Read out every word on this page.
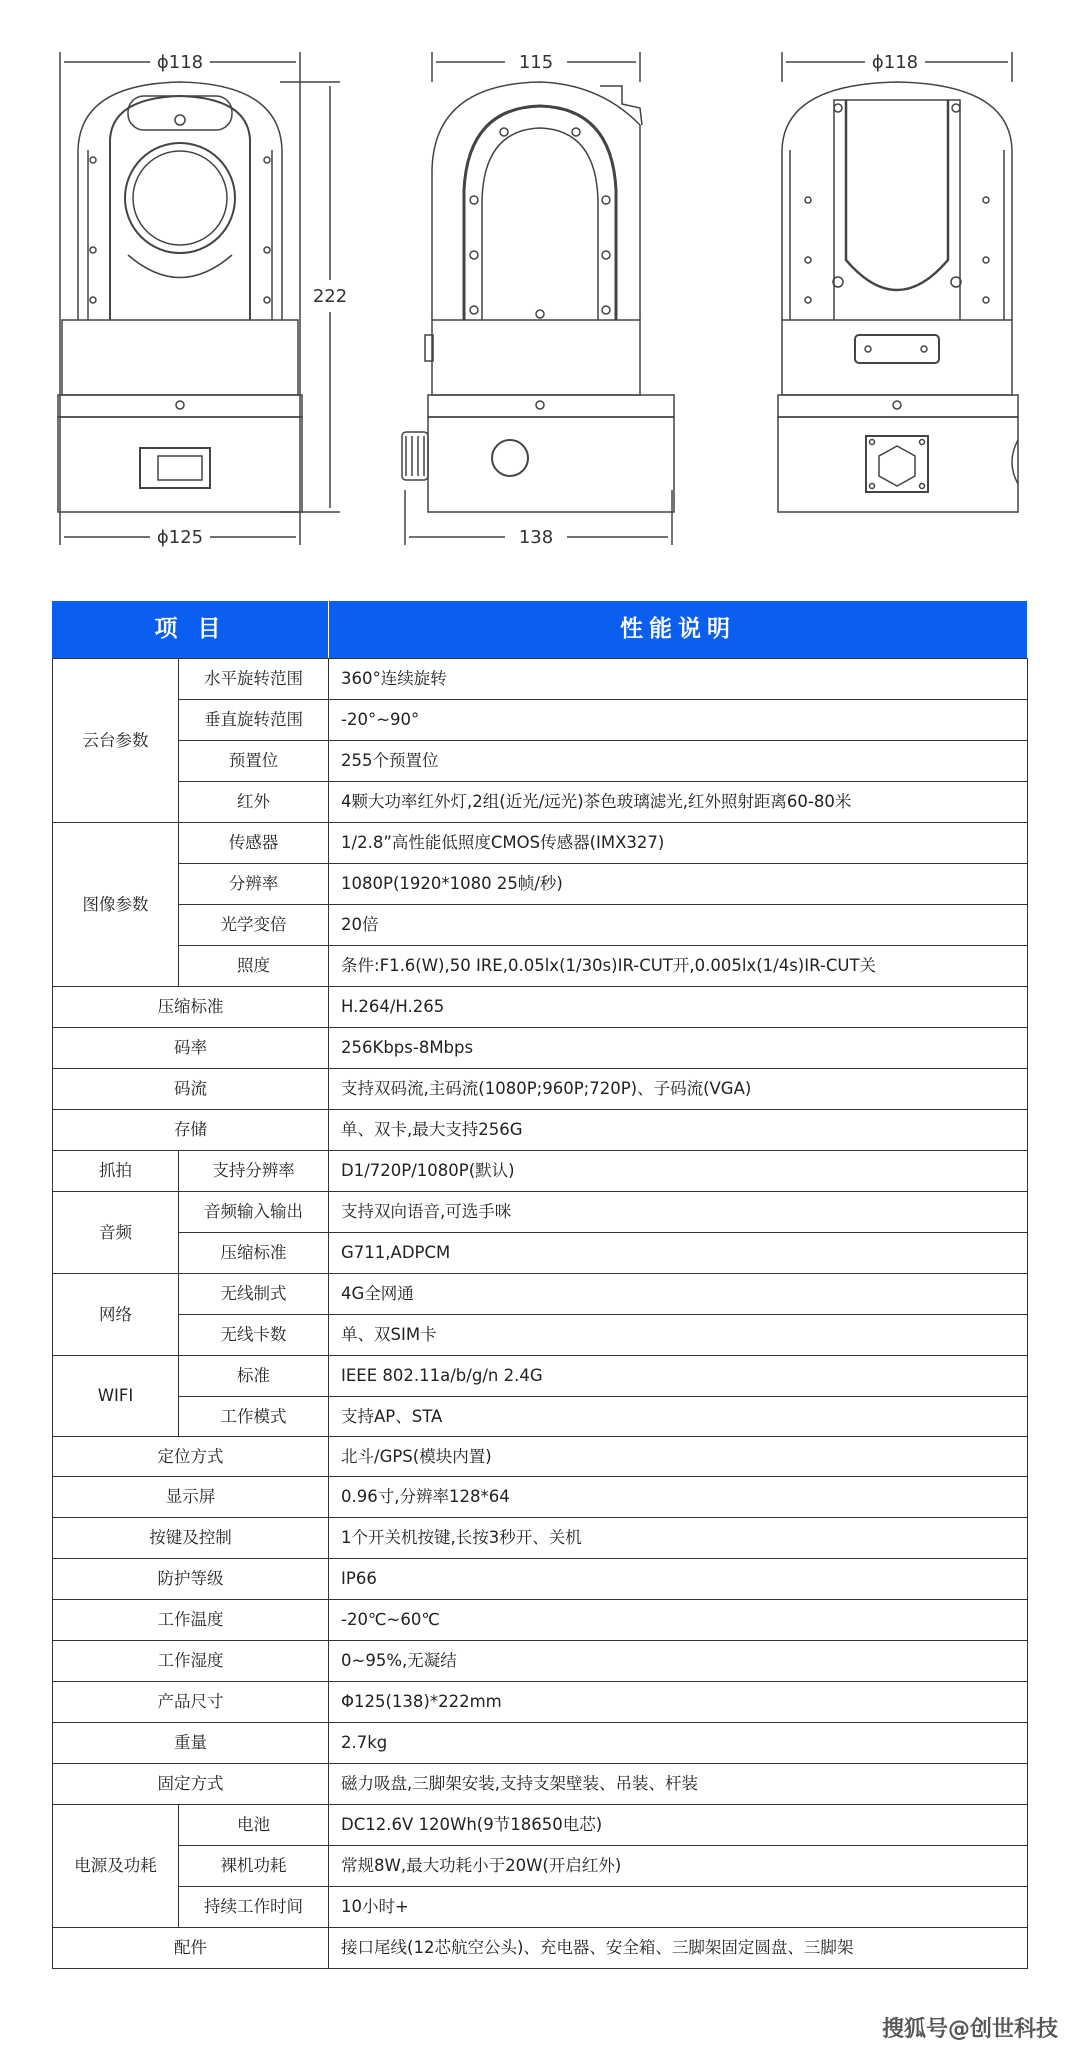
ϕ118
222
ϕ125
115
138
ϕ118
项 目		性能说明
云台参数	水平旋转范围	360°连续旋转
	垂直旋转范围	-20°~90°
	预置位	255个预置位
	红外	4颗大功率红外灯,2组(近光/远光)茶色玻璃滤光,红外照射距离60-80米
图像参数	传感器	1/2.8”高性能低照度CMOS传感器(IMX327)
	分辨率	1080P(1920*1080 25帧/秒)
	光学变倍	20倍
	照度	条件:F1.6(W),50 IRE,0.05lx(1/30s)IR-CUT开,0.005lx(1/4s)IR-CUT关
压缩标准		H.264/H.265
码率		256Kbps-8Mbps
码流		支持双码流,主码流(1080P;960P;720P)、子码流(VGA)
存储		单、双卡,最大支持256G
抓拍	支持分辨率	D1/720P/1080P(默认)
音频	音频输入输出	支持双向语音,可选手咪
	压缩标准	G711,ADPCM
网络	无线制式	4G全网通
	无线卡数	单、双SIM卡
WIFI	标准	IEEE 802.11a/b/g/n 2.4G
	工作模式	支持AP、STA
定位方式		北斗/GPS(模块内置)
显示屏		0.96寸,分辨率128*64
按键及控制		1个开关机按键,长按3秒开、关机
防护等级		IP66
工作温度		-20℃~60℃
工作湿度		0~95%,无凝结
产品尺寸		Φ125(138)*222mm
重量		2.7kg
固定方式		磁力吸盘,三脚架安装,支持支架壁装、吊装、杆装
电源及功耗	电池	DC12.6V 120Wh(9节18650电芯)
	裸机功耗	常规8W,最大功耗小于20W(开启红外)
	持续工作时间	10小时+
配件		接口尾线(12芯航空公头)、充电器、安全箱、三脚架固定圆盘、三脚架
搜狐号@创世科技
